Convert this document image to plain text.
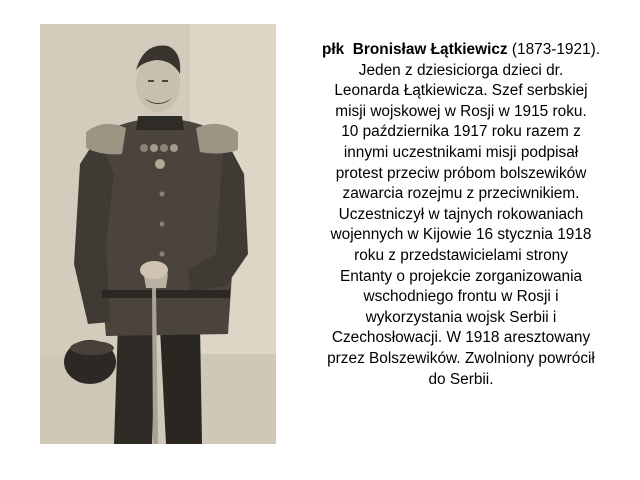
płk Bronisław Łątkiewicz (1873-1921).
Jeden z dziesiciorga dzieci dr.
Leonarda Łątkiewicza. Szef serbskiej
misji wojskowej w Rosji w 1915 roku.
10 października 1917 roku razem z
innymi uczestnikami misji podpisał
protest przeciw próbom bolszewików
zawarcia rozejmu z przeciwnikiem.
Uczestniczył w tajnych rokowaniach
wojennych w Kijowie 16 stycznia 1918
roku z przedstawicielami strony
Entanty o projekcie zorganizowania
wschodniego frontu w Rosji i
wykorzystania wojsk Serbii i
Czechosłowacji. W 1918 aresztowany
przez Bolszewików. Zwolniony powrócił
do Serbii.
